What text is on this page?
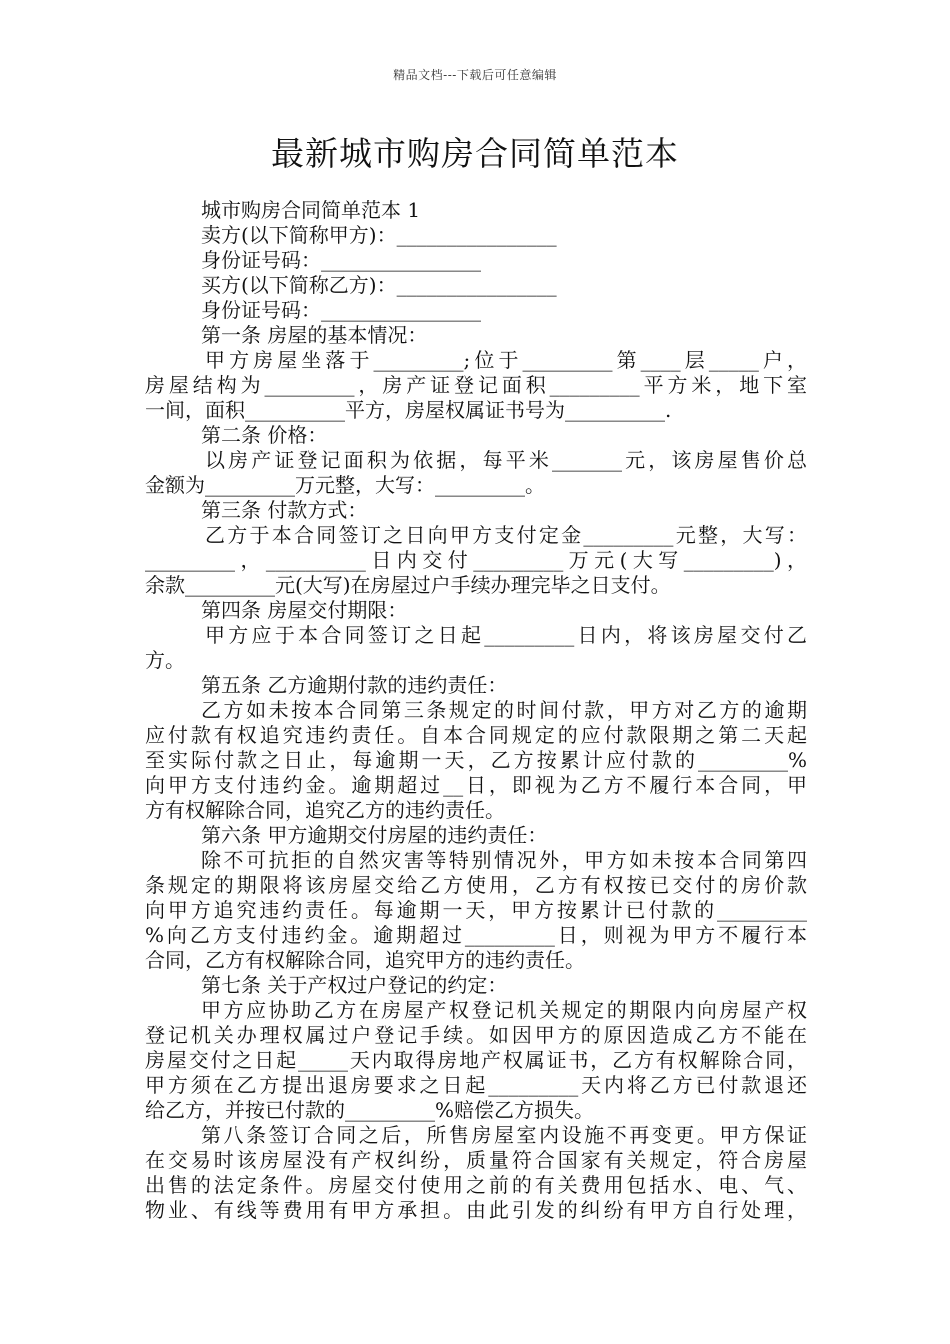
精品文档---下载后可任意编辑
最新城市购房合同简单范本
城市购房合同简单范本 1
卖方(以下简称甲方)：________________
身份证号码：________________
买方(以下简称乙方)：________________
身份证号码：________________
第一条 房屋的基本情况：
甲方房屋坐落于_________;位于_________第____层_____户，
房屋结构为_________，房产证登记面积_________平方米，地下室
一间，面积__________平方，房屋权属证书号为__________.
第二条 价格：
以房产证登记面积为依据，每平米_______元，该房屋售价总
金额为_________万元整，大写：_________。
第三条 付款方式：
乙方于本合同签订之日向甲方支付定金_________元整，大写：
_________，__________日内交付_________万元(大写_________)，
余款_________元(大写)在房屋过户手续办理完毕之日支付。
第四条 房屋交付期限：
甲方应于本合同签订之日起_________日内，将该房屋交付乙
方。
第五条 乙方逾期付款的违约责任：
乙方如未按本合同第三条规定的时间付款，甲方对乙方的逾期
应付款有权追究违约责任。自本合同规定的应付款限期之第二天起
至实际付款之日止，每逾期一天，乙方按累计应付款的_________%
向甲方支付违约金。逾期超过__日，即视为乙方不履行本合同，甲
方有权解除合同，追究乙方的违约责任。
第六条 甲方逾期交付房屋的违约责任：
除不可抗拒的自然灾害等特别情况外，甲方如未按本合同第四
条规定的期限将该房屋交给乙方使用，乙方有权按已交付的房价款
向甲方追究违约责任。每逾期一天，甲方按累计已付款的_________
%向乙方支付违约金。逾期超过_________日，则视为甲方不履行本
合同，乙方有权解除合同，追究甲方的违约责任。
第七条 关于产权过户登记的约定：
甲方应协助乙方在房屋产权登记机关规定的期限内向房屋产权
登记机关办理权属过户登记手续。如因甲方的原因造成乙方不能在
房屋交付之日起_____天内取得房地产权属证书，乙方有权解除合同，
甲方须在乙方提出退房要求之日起_________天内将乙方已付款退还
给乙方，并按已付款的_________%赔偿乙方损失。
第八条签订合同之后，所售房屋室内设施不再变更。甲方保证
在交易时该房屋没有产权纠纷，质量符合国家有关规定，符合房屋
出售的法定条件。房屋交付使用之前的有关费用包括水、电、气、
物业、有线等费用有甲方承担。由此引发的纠纷有甲方自行处理，
